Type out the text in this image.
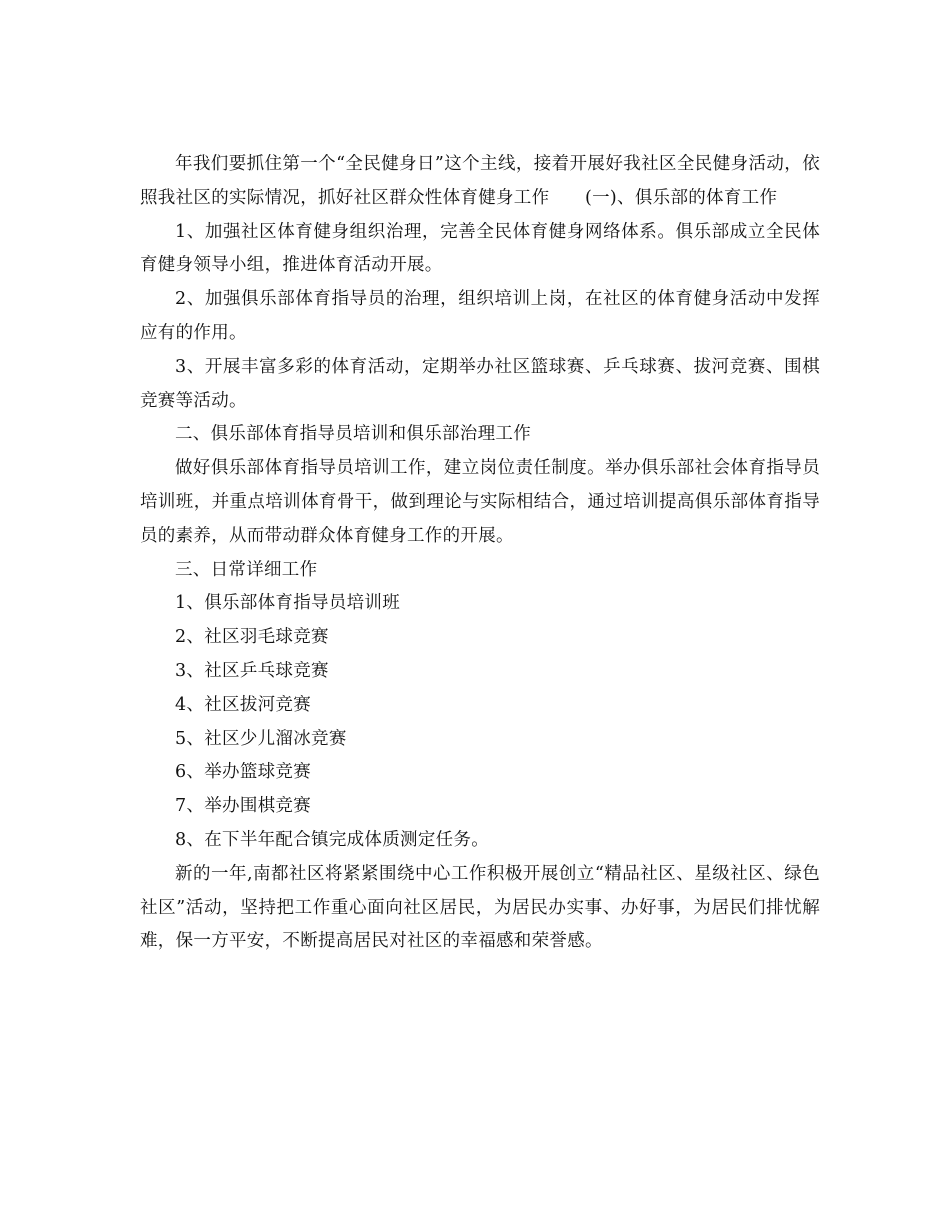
年我们要抓住第一个“全民健身日”这个主线，接着开展好我社区全民健身活动，依照我社区的实际情况，抓好社区群众性体育健身工作　　(一)、俱乐部的体育工作

1、加强社区体育健身组织治理，完善全民体育健身网络体系。俱乐部成立全民体育健身领导小组，推进体育活动开展。

2、加强俱乐部体育指导员的治理，组织培训上岗，在社区的体育健身活动中发挥应有的作用。

3、开展丰富多彩的体育活动，定期举办社区篮球赛、乒乓球赛、拔河竞赛、围棋竞赛等活动。

二、俱乐部体育指导员培训和俱乐部治理工作

做好俱乐部体育指导员培训工作，建立岗位责任制度。举办俱乐部社会体育指导员培训班，并重点培训体育骨干，做到理论与实际相结合，通过培训提高俱乐部体育指导员的素养，从而带动群众体育健身工作的开展。

三、日常详细工作

1、俱乐部体育指导员培训班

2、社区羽毛球竞赛

3、社区乒乓球竞赛

4、社区拔河竞赛

5、社区少儿溜冰竞赛

6、举办篮球竞赛

7、举办围棋竞赛

8、在下半年配合镇完成体质测定任务。

新的一年,南都社区将紧紧围绕中心工作积极开展创立“精品社区、星级社区、绿色社区”活动，坚持把工作重心面向社区居民，为居民办实事、办好事，为居民们排忧解难，保一方平安，不断提高居民对社区的幸福感和荣誉感。
